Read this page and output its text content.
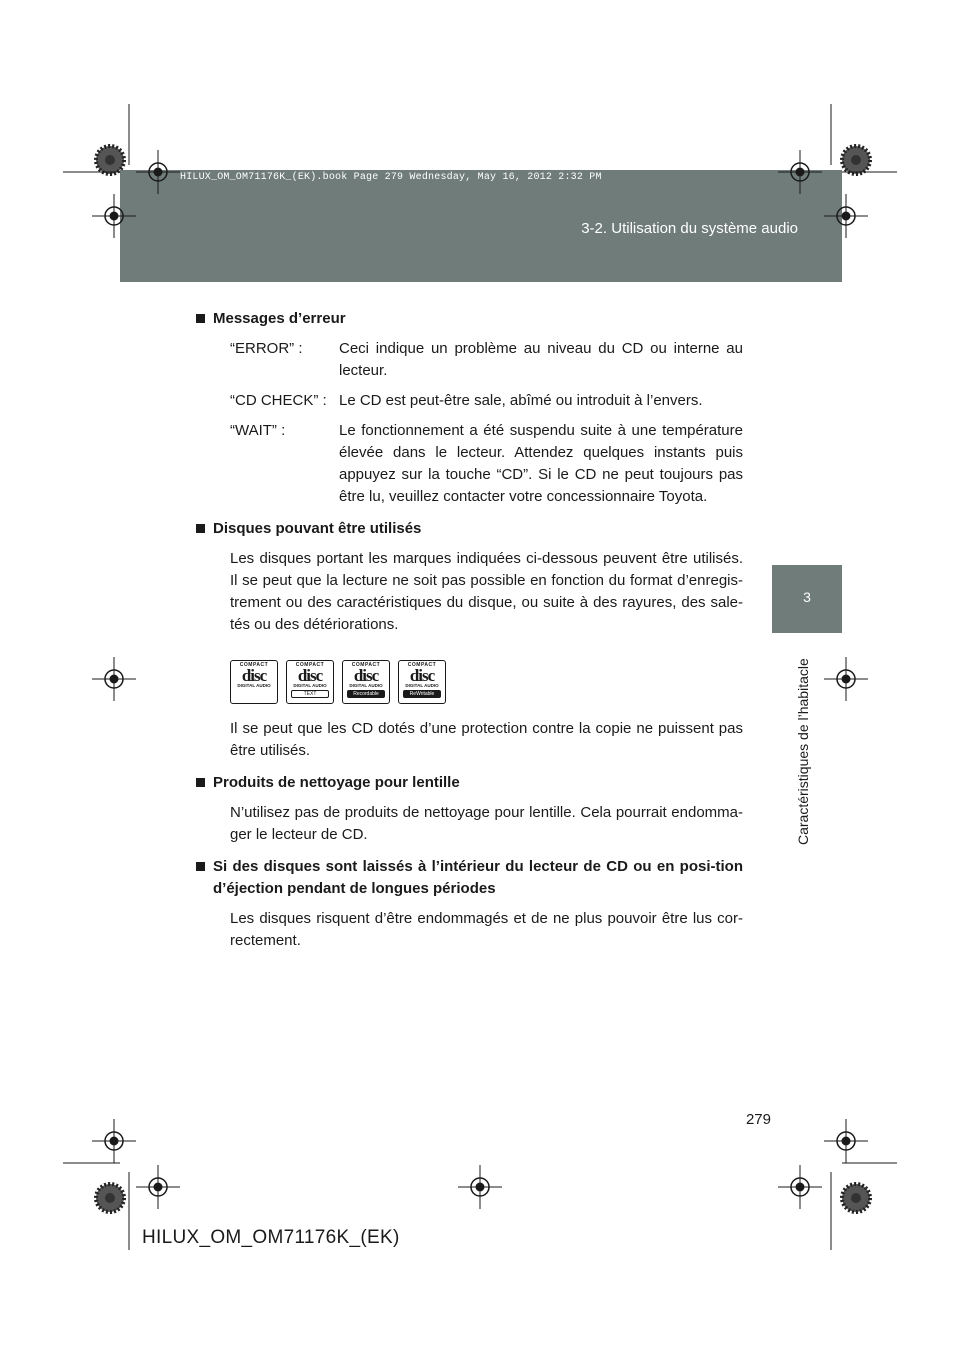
HILUX_OM_OM71176K_(EK).book Page 279 Wednesday, May 16, 2012 2:32 PM
3-2. Utilisation du système audio
3
Caractéristiques de l’habitacle

Messages d’erreur

“ERROR” :	Ceci indique un problème au niveau du CD ou interne au lecteur.
“CD CHECK” : Le CD est peut-être sale, abîmé ou introduit à l’envers.
“WAIT” :	Le fonctionnement a été suspendu suite à une température élevée dans le lecteur. Attendez quelques instants puis appuyez sur la touche “CD”. Si le CD ne peut toujours pas être lu, veuillez contacter votre concessionnaire Toyota.

Disques pouvant être utilisés

Les disques portant les marques indiquées ci-dessous peuvent être utilisés. Il se peut que la lecture ne soit pas possible en fonction du format d’enregis-trement ou des caractéristiques du disque, ou suite à des rayures, des sale-tés ou des détériorations.

COMPACT
disc
DIGITAL AUDIO
COMPACT
disc
DIGITAL AUDIO
TEXT
COMPACT
disc
DIGITAL AUDIO
Recordable
COMPACT
disc
DIGITAL AUDIO
ReWritable

Il se peut que les CD dotés d’une protection contre la copie ne puissent pas être utilisés.

Produits de nettoyage pour lentille

N’utilisez pas de produits de nettoyage pour lentille. Cela pourrait endomma-ger le lecteur de CD.

Si des disques sont laissés à l’intérieur du lecteur de CD ou en posi-tion d’éjection pendant de longues périodes

Les disques risquent d’être endommagés et de ne plus pouvoir être lus cor-rectement.

279
HILUX_OM_OM71176K_(EK)
